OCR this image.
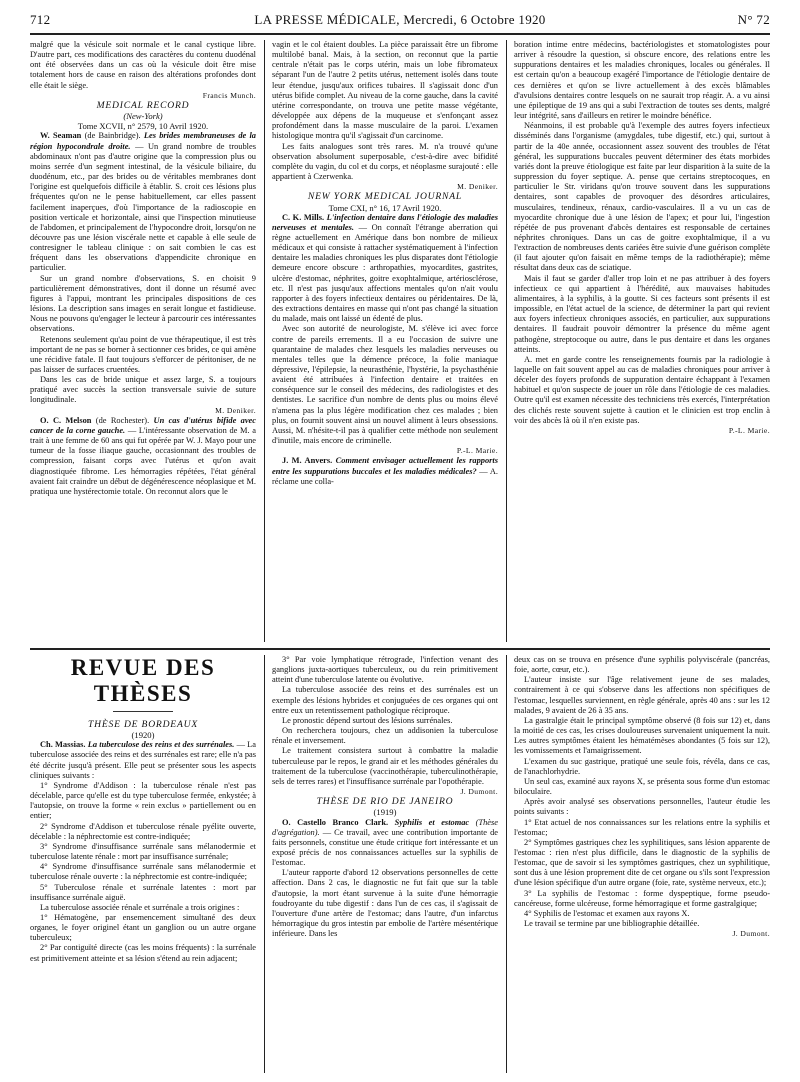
712	LA PRESSE MÉDICALE, Mercredi, 6 Octobre 1920	N° 72

malgré que la vésicule soit normale et le canal cystique libre. D'autre part, ces modifications des caractères du contenu duodénal ont été observées dans un cas où la vésicule doit être mise totalement hors de cause en raison des altérations profondes dont elle était le siège.

Francis Munch.

MEDICAL RECORD

(New-York)

Tome XCVII, n° 2579, 10 Avril 1920.

W. Seaman (de Bainbridge). Les brides membraneuses de la région hypocondrale droite. — Un grand nombre de troubles abdominaux n'ont pas d'autre origine que la compression plus ou moins serrée d'un segment intestinal, de la vésicule biliaire, du duodénum, etc., par des brides ou de véritables membranes dont l'origine est quelquefois difficile à établir. S. croit ces lésions plus fréquentes qu'on ne le pense habituellement, car elles passent facilement inaperçues, d'où l'importance de la radioscopie en position verticale et horizontale, ainsi que l'inspection minutieuse de l'abdomen, et principalement de l'hypocondre droit, lorsqu'on ne découvre pas une lésion viscérale nette et capable à elle seule de contresigner le tableau clinique : on sait combien le cas est fréquent dans les observations d'appendicite chronique en particulier.

Sur un grand nombre d'observations, S. en choisit 9 particulièrement démonstratives, dont il donne un résumé avec figures à l'appui, montrant les principales dispositions de ces lésions. La description sans images en serait longue et fastidieuse. Nous ne pouvons qu'engager le lecteur à parcourir ces intéressantes observations.

Retenons seulement qu'au point de vue thérapeutique, il est très important de ne pas se borner à sectionner ces brides, ce qui amène une récidive fatale. Il faut toujours s'efforcer de péritoniser, de ne pas laisser de surfaces cruentées.

Dans les cas de bride unique et assez large, S. a toujours pratiqué avec succès la section transversale suivie de suture longitudinale.

M. Deniker.

O. C. Melson (de Rochester). Un cas d'utérus bifide avec cancer de la corne gauche. — L'intéressante observation de M. a trait à une femme de 60 ans qui fut opérée par W. J. Mayo pour une tumeur de la fosse iliaque gauche, occasionnant des troubles de compression, faisant corps avec l'utérus et qu'on avait diagnostiquée fibrome. Les hémorragies répétées, l'état général avaient fait craindre un début de dégénérescence néoplasique et M. pratiqua une hystérectomie totale. On reconnut alors que le

vagin et le col étaient doubles. La pièce paraissait être un fibrome multilobé banal. Mais, à la section, on reconnut que la partie centrale n'était pas le corps utérin, mais un lobe fibromateux séparant l'un de l'autre 2 petits utérus, nettement isolés dans toute leur étendue, jusqu'aux orifices tubaires. Il s'agissait donc d'un utérus bifide complet. Au niveau de la corne gauche, dans la cavité utérine correspondante, on trouva une petite masse végétante, développée aux dépens de la muqueuse et s'enfonçant assez profondément dans la masse musculaire de la paroi. L'examen histologique montra qu'il s'agissait d'un carcinome.

Les faits analogues sont très rares. M. n'a trouvé qu'une observation absolument superposable, c'est-à-dire avec bifidité complète du vagin, du col et du corps, et néoplasme surajouté : elle appartient à Czerwenka.

M. Deniker.

NEW YORK MEDICAL JOURNAL

Tome CXI, n° 16, 17 Avril 1920.

C. K. Mills. L'infection dentaire dans l'étiologie des maladies nerveuses et mentales. — On connaît l'étrange aberration qui règne actuellement en Amérique dans bon nombre de milieux médicaux et qui consiste à rattacher systématiquement à l'infection dentaire les maladies chroniques les plus disparates dont l'étiologie demeure encore obscure : arthropathies, myocardites, gastrites, ulcère d'estomac, néphrites, goitre exophtalmique, artériosclérose, etc. Il n'est pas jusqu'aux affections mentales qu'on n'ait voulu rapporter à des foyers infectieux dentaires ou péridentaires. De là, des extractions dentaires en masse qui n'ont pas changé la situation du malade, mais ont laissé un édenté de plus.

Avec son autorité de neurologiste, M. s'élève ici avec force contre de pareils errements. Il a eu l'occasion de suivre une quarantaine de malades chez lesquels les maladies nerveuses ou mentales telles que la démence précoce, la folie maniaque dépressive, l'épilepsie, la neurasthénie, l'hystérie, la psychasthénie avaient été attribuées à l'infection dentaire et traitées en conséquence sur le conseil des médecins, des radiologistes et des dentistes. Le sacrifice d'un nombre de dents plus ou moins élevé n'amena pas la plus légère modification chez ces malades ; bien plus, on fournit souvent ainsi un nouvel aliment à leurs obsessions. Aussi, M. n'hésite-t-il pas à qualifier cette méthode non seulement d'inutile, mais encore de criminelle.

P.-L. Marie.

J. M. Anvers. Comment envisager actuellement les rapports entre les suppurations buccales et les maladies médicales? — A. réclame une colla-

boration intime entre médecins, bactériologistes et stomatologistes pour arriver à résoudre la question, si obscure encore, des relations entre les suppurations dentaires et les maladies chroniques, locales ou générales. Il est certain qu'on a beaucoup exagéré l'importance de l'étiologie dentaire de ces dernières et qu'on se livre actuellement à des excès blâmables d'avulsions dentaires contre lesquels on ne saurait trop réagir. A. a vu ainsi une épileptique de 19 ans qui a subi l'extraction de toutes ses dents, malgré leur intégrité, sans d'ailleurs en retirer le moindre bénéfice.

Néanmoins, il est probable qu'à l'exemple des autres foyers infectieux disséminés dans l'organisme (amygdales, tube digestif, etc.) qui, surtout à partir de la 40e année, occasionnent assez souvent des troubles de l'état général, les suppurations buccales peuvent déterminer des états morbides variés dont la preuve étiologique est faite par leur disparition à la suite de la suppression du foyer septique. A. pense que certains streptocoques, en particulier le Str. viridans qu'on trouve souvent dans les suppurations dentaires, sont capables de provoquer des désordres articulaires, musculaires, tendineux, rénaux, cardio-vasculaires. Il a vu un cas de myocardite chronique due à une lésion de l'apex; et pour lui, l'ingestion répétée de pus provenant d'abcès dentaires est responsable de certaines néphrites chroniques. Dans un cas de goitre exophtalmique, il a vu l'extraction de nombreuses dents cariées être suivie d'une guérison complète (il faut ajouter qu'on faisait en même temps de la radiothérapie); même résultat dans deux cas de sciatique.

Mais il faut se garder d'aller trop loin et ne pas attribuer à des foyers infectieux ce qui appartient à l'hérédité, aux mauvaises habitudes alimentaires, à la syphilis, à la goutte. Si ces facteurs sont présents il est impossible, en l'état actuel de la science, de déterminer la part qui revient aux foyers infectieux chroniques associés, en particulier, aux suppurations dentaires. Il faudrait pouvoir démontrer la présence du même agent pathogène, streptocoque ou autre, dans le pus dentaire et dans les organes atteints.

A. met en garde contre les renseignements fournis par la radiologie à laquelle on fait souvent appel au cas de maladies chroniques pour arriver à déceler des foyers profonds de suppuration dentaire échappant à l'examen habituel et qu'on suspecte de jouer un rôle dans l'étiologie de ces maladies. Outre qu'il est examen nécessite des techniciens très exercés, l'interprétation des clichés reste souvent sujette à caution et le clinicien est trop enclin à voir des abcès là où il n'en existe pas.

P.-L. Marie.

REVUE DES THÈSES

THÈSE DE BORDEAUX

(1920)

Ch. Massias. La tuberculose des reins et des surrénales. — La tuberculose associée des reins et des surrénales est rare; elle n'a pas été décrite jusqu'à présent. Elle peut se présenter sous les aspects cliniques suivants :

1° Syndrome d'Addison : la tuberculose rénale n'est pas décelable, parce qu'elle est du type tuberculose fermée, enkystée; à l'autopsie, on trouve la forme « rein exclus » partiellement ou en entier;

2° Syndrome d'Addison et tuberculose rénale pyélite ouverte, décelable : la néphrectomie est contre-indiquée;

3° Syndrome d'insuffisance surrénale sans mélanodermie et tuberculose latente rénale : mort par insuffisance surrénale;

4° Syndrome d'insuffisance surrénale sans mélanodermie et tuberculose rénale ouverte : la néphrectomie est contre-indiquée;

5° Tuberculose rénale et surrénale latentes : mort par insuffisance surrénale aiguë.

La tuberculose associée rénale et surrénale a trois origines :

1° Hématogène, par ensemencement simultané des deux organes, le foyer originel étant un ganglion ou un autre organe tuberculeux;

2° Par contiguïté directe (cas les moins fréquents) : la surrénale est primitivement atteinte et sa lésion s'étend au rein adjacent;

3° Par voie lymphatique rétrograde, l'infection venant des ganglions juxta-aortiques tuberculeux, ou du rein primitivement atteint d'une tuberculose latente ou évolutive.

La tuberculose associée des reins et des surrénales est un exemple des lésions hybrides et conjuguées de ces organes qui ont entre eux un retentissement pathologique réciproque.

Le pronostic dépend surtout des lésions surrénales.

On recherchera toujours, chez un addisonien la tuberculose rénale et inversement.

Le traitement consistera surtout à combattre la maladie tuberculeuse par le repos, le grand air et les méthodes générales du traitement de la tuberculose (vaccinothérapie, tuberculinothérapie, sels de terres rares) et l'insuffisance surrénale par l'opothérapie.

J. Dumont.

THÈSE DE RIO DE JANEIRO

(1919)

O. Castello Branco Clark. Syphilis et estomac (Thèse d'agrégation). — Ce travail, avec une contribution importante de faits personnels, constitue une étude critique fort intéressante et un exposé précis de nos connaissances actuelles sur la syphilis de l'estomac.

L'auteur rapporte d'abord 12 observations personnelles de cette affection. Dans 2 cas, le diagnostic ne fut fait que sur la table d'autopsie, la mort étant survenue à la suite d'une hémorragie foudroyante du tube digestif : dans l'un de ces cas, il s'agissait de l'ouverture d'une artère de l'estomac; dans l'autre, d'un infarctus hémorragique du gros intestin par embolie de l'artère mésentérique inférieure. Dans les

deux cas on se trouva en présence d'une syphilis polyviscérale (pancréas, foie, aorte, cœur, etc.).

L'auteur insiste sur l'âge relativement jeune de ses malades, contrairement à ce qui s'observe dans les affections non spécifiques de l'estomac, lesquelles surviennent, en règle générale, après 40 ans : sur les 12 malades, 9 avaient de 26 à 35 ans.

La gastralgie était le principal symptôme observé (8 fois sur 12) et, dans la moitié de ces cas, les crises douloureuses survenaient uniquement la nuit. Les autres symptômes étaient les hématémèses abondantes (5 fois sur 12), les vomissements et l'amaigrissement.

L'examen du suc gastrique, pratiqué une seule fois, révéla, dans ce cas, de l'anachlorhydrie.

Un seul cas, examiné aux rayons X, se présenta sous forme d'un estomac biloculaire.

Après avoir analysé ses observations personnelles, l'auteur étudie les points suivants :

1° Etat actuel de nos connaissances sur les relations entre la syphilis et l'estomac;

2° Symptômes gastriques chez les syphilitiques, sans lésion apparente de l'estomac : rien n'est plus difficile, dans le diagnostic de la syphilis de l'estomac, que de savoir si les symptômes gastriques, chez un syphilitique, sont dus à une lésion proprement dite de cet organe ou s'ils sont l'expression d'une lésion spécifique d'un autre organe (foie, rate, système nerveux, etc.);

3° La syphilis de l'estomac : forme dyspeptique, forme pseudo-cancéreuse, forme ulcéreuse, forme hémorragique et forme gastralgique;

4° Syphilis de l'estomac et examen aux rayons X.

Le travail se termine par une bibliographie détaillée.

J. Dumont.
